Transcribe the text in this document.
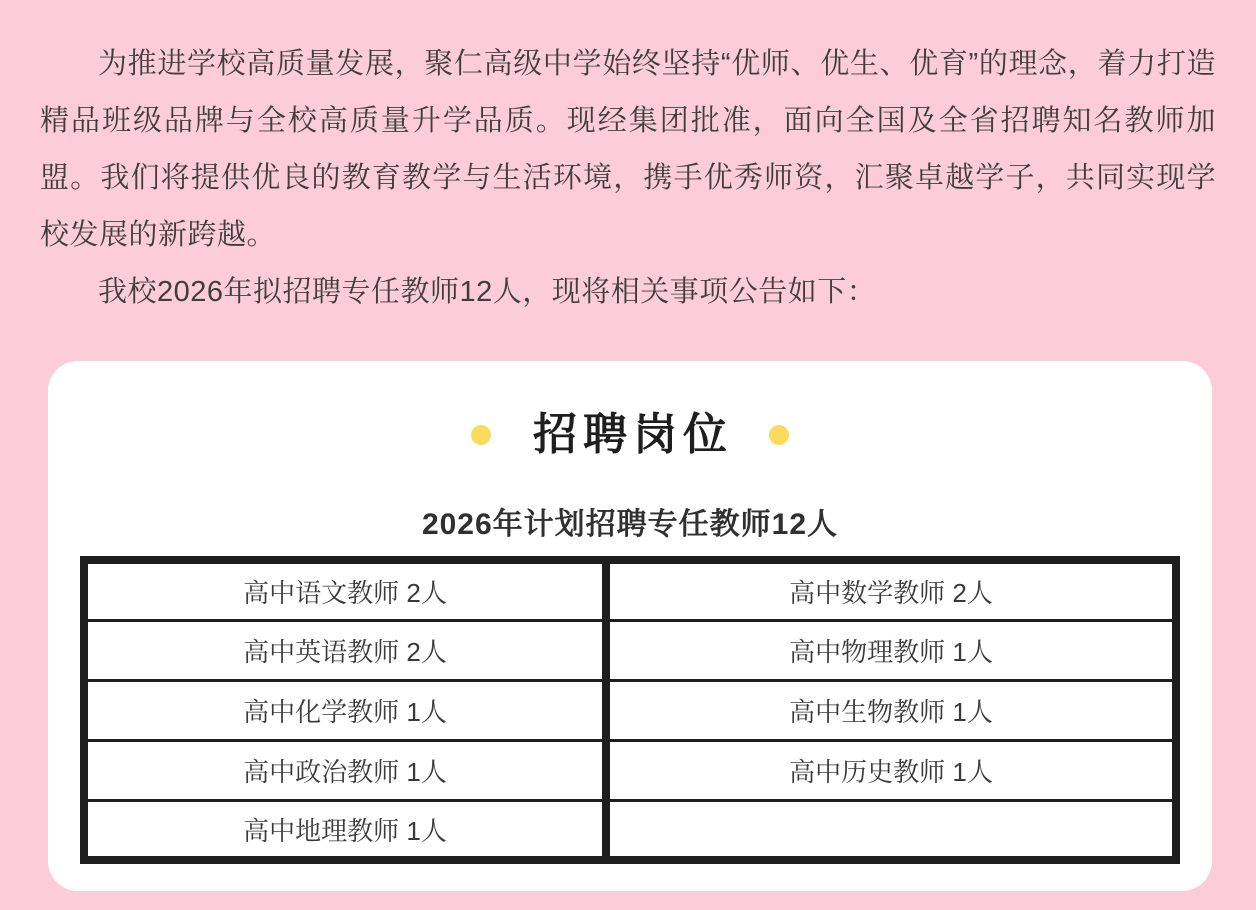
为推进学校高质量发展，聚仁高级中学始终坚持“优师、优生、优育”的理念，着力打造精品班级品牌与全校高质量升学品质。现经集团批准，面向全国及全省招聘知名教师加盟。我们将提供优良的教育教学与生活环境，携手优秀师资，汇聚卓越学子，共同实现学校发展的新跨越。

我校2026年拟招聘专任教师12人，现将相关事项公告如下：

招聘岗位
2026年计划招聘专任教师12人
高中语文教师 2人	高中数学教师 2人
高中英语教师 2人	高中物理教师 1人
高中化学教师 1人	高中生物教师 1人
高中政治教师 1人	高中历史教师 1人
高中地理教师 1人	
